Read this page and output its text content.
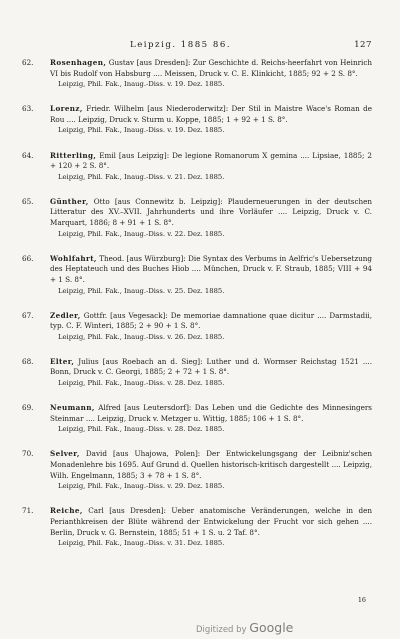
Leipzig. 1885 86.	127
62.	Rosenhagen, Gustav [aus Dresden]: Zur Geschichte d. Reichs-heerfahrt von Heinrich VI bis Rudolf von Habsburg .... Meissen, Druck v. C. E. Klinkicht, 1885; 92 + 2 S. 8°.
Leipzig, Phil. Fak., Inaug.-Diss. v. 19. Dez. 1885.
63.	Lorenz, Friedr. Wilhelm [aus Niederoderwitz]: Der Stil in Maistre Wace's Roman de Rou .... Leipzig, Druck v. Sturm u. Koppe, 1885; 1 + 92 + 1 S. 8°.
Leipzig, Phil. Fak., Inaug.-Diss. v. 19. Dez. 1885.
64.	Ritterling, Emil [aus Leipzig]: De legione Romanorum X gemina .... Lipsiae, 1885; 2 + 120 + 2 S. 8°.
Leipzig, Phil. Fak., Inaug.-Diss. v. 21. Dez. 1885.
65.	Günther, Otto [aus Connewitz b. Leipzig]: Plauderneuerungen in der deutschen Litteratur des XV.–XVII. Jahrhunderts und ihre Vorläufer .... Leipzig, Druck v. C. Marquart, 1886; 8 + 91 + 1 S. 8°.
Leipzig, Phil. Fak., Inaug.-Diss. v. 22. Dez. 1885.
66.	Wohlfahrt, Theod. [aus Würzburg]: Die Syntax des Verbums in Aelfric's Uebersetzung des Heptateuch und des Buches Hiob .... München, Druck v. F. Straub, 1885; VIII + 94 + 1 S. 8°.
Leipzig, Phil. Fak., Inaug.-Diss. v. 25. Dez. 1885.
67.	Zedler, Gottfr. [aus Vegesack]: De memoriae damnatione quae dicitur .... Darmstadii, typ. C. F. Winteri, 1885; 2 + 90 + 1 S. 8°.
Leipzig, Phil. Fak., Inaug.-Diss. v. 26. Dez. 1885.
68.	Elter, Julius [aus Roebach an d. Sieg]: Luther und d. Wormser Reichstag 1521 .... Bonn, Druck v. C. Georgi, 1885; 2 + 72 + 1 S. 8°.
Leipzig, Phil. Fak., Inaug.-Diss. v. 28. Dez. 1885.
69.	Neumann, Alfred [aus Leutersdorf]: Das Leben und die Gedichte des Minnesingers Steinmar .... Leipzig, Druck v. Metzger u. Wittig, 1885; 106 + 1 S. 8°.
Leipzig, Phil. Fak., Inaug.-Diss. v. 28. Dez. 1885.
70.	Selver, David [aus Uhajowa, Polen]: Der Entwickelungsgang der Leibniz'schen Monadenlehre bis 1695. Auf Grund d. Quellen historisch-kritisch dargestellt .... Leipzig, Wilh. Engelmann, 1885; 3 + 78 + 1 S. 8°.
Leipzig, Phil. Fak., Inaug.-Diss. v. 29. Dez. 1885.
71.	Reiche, Carl [aus Dresden]: Ueber anatomische Veränderungen, welche in den Perianthkreisen der Blüte während der Entwickelung der Frucht vor sich gehen .... Berlin, Druck v. G. Bernstein, 1885; 51 + 1 S. u. 2 Taf. 8°.
Leipzig, Phil. Fak., Inaug.-Diss. v. 31. Dez. 1885.
16
Digitized by Google
